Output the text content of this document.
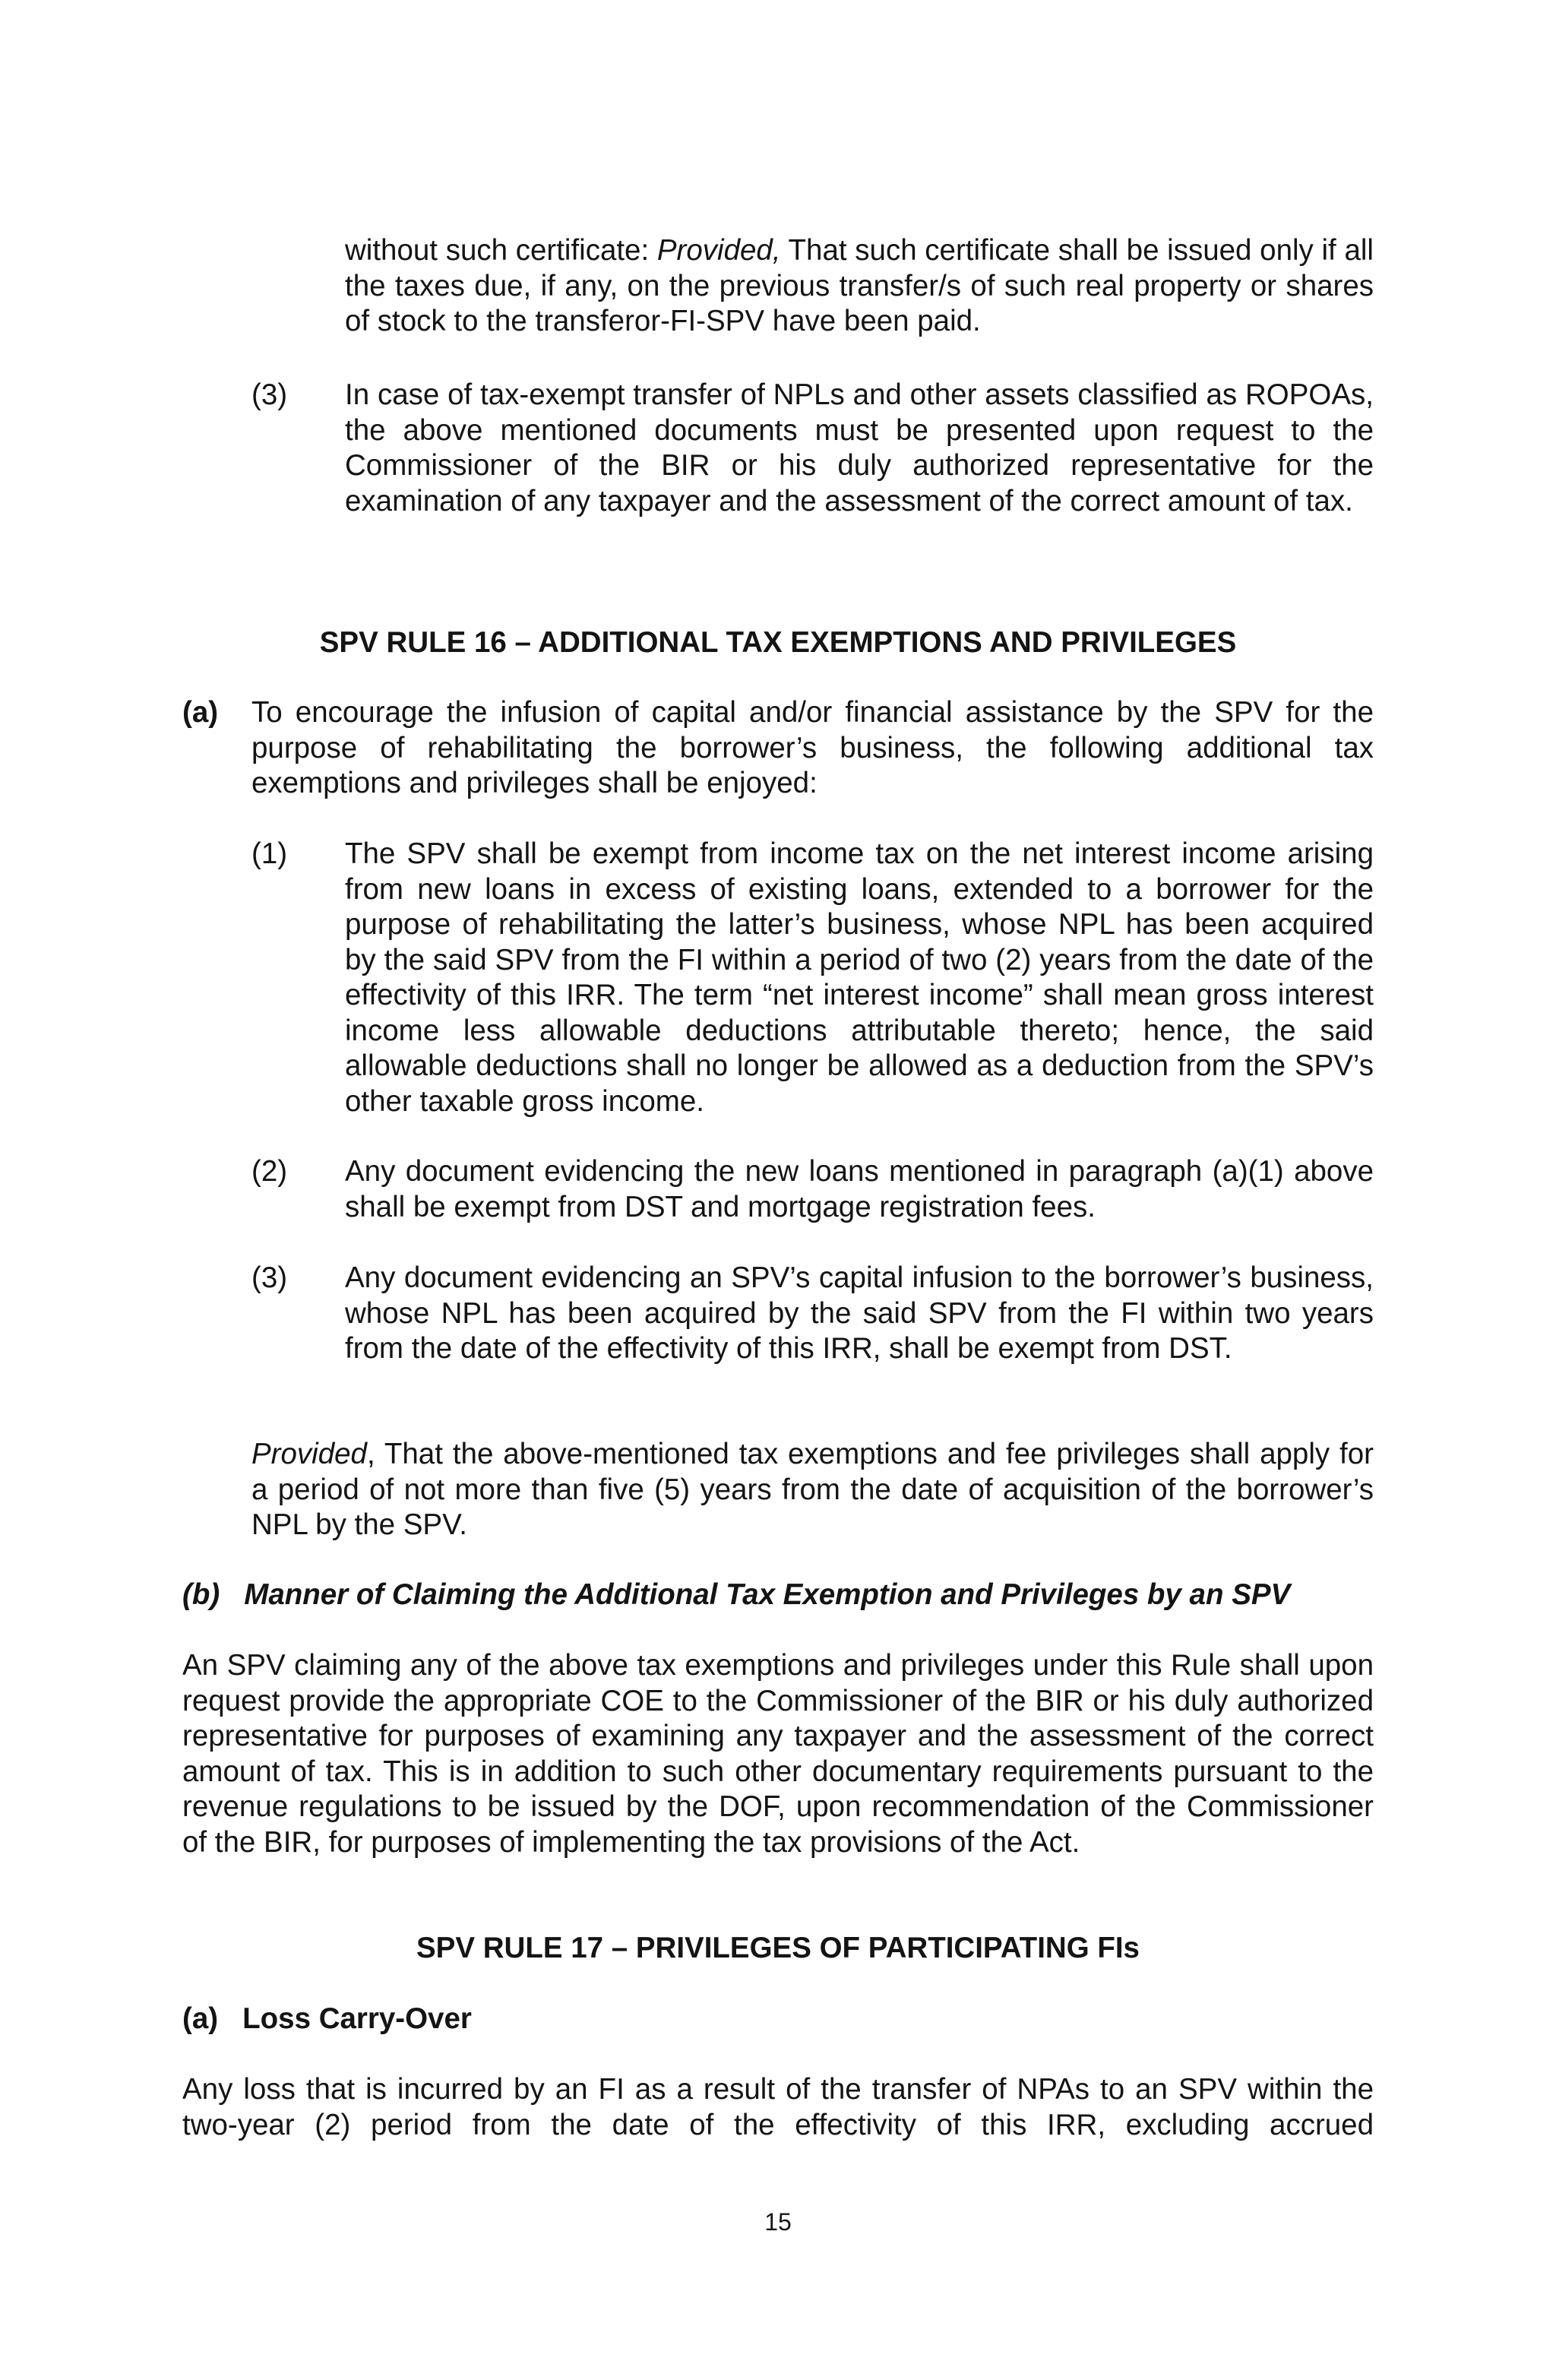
without such certificate: Provided, That such certificate shall be issued only if all the taxes due, if any, on the previous transfer/s of such real property or shares of stock to the transferor-FI-SPV have been paid.

(3) In case of tax-exempt transfer of NPLs and other assets classified as ROPOAs, the above mentioned documents must be presented upon request to the Commissioner of the BIR or his duly authorized representative for the examination of any taxpayer and the assessment of the correct amount of tax.

SPV RULE 16 – ADDITIONAL TAX EXEMPTIONS AND PRIVILEGES

(a) To encourage the infusion of capital and/or financial assistance by the SPV for the purpose of rehabilitating the borrower’s business, the following additional tax exemptions and privileges shall be enjoyed:

(1) The SPV shall be exempt from income tax on the net interest income arising from new loans in excess of existing loans, extended to a borrower for the purpose of rehabilitating the latter’s business, whose NPL has been acquired by the said SPV from the FI within a period of two (2) years from the date of the effectivity of this IRR. The term “net interest income” shall mean gross interest income less allowable deductions attributable thereto; hence, the said allowable deductions shall no longer be allowed as a deduction from the SPV’s other taxable gross income.

(2) Any document evidencing the new loans mentioned in paragraph (a)(1) above shall be exempt from DST and mortgage registration fees.

(3) Any document evidencing an SPV’s capital infusion to the borrower’s business, whose NPL has been acquired by the said SPV from the FI within two years from the date of the effectivity of this IRR, shall be exempt from DST.

Provided, That the above-mentioned tax exemptions and fee privileges shall apply for a period of not more than five (5) years from the date of acquisition of the borrower’s NPL by the SPV.

(b)   Manner of Claiming the Additional Tax Exemption and Privileges by an SPV

An SPV claiming any of the above tax exemptions and privileges under this Rule shall upon request provide the appropriate COE to the Commissioner of the BIR or his duly authorized representative for purposes of examining any taxpayer and the assessment of the correct amount of tax. This is in addition to such other documentary requirements pursuant to the revenue regulations to be issued by the DOF, upon recommendation of the Commissioner of the BIR, for purposes of implementing the tax provisions of the Act.

SPV RULE 17 – PRIVILEGES OF PARTICIPATING FIs

(a)   Loss Carry-Over

Any loss that is incurred by an FI as a result of the transfer of NPAs to an SPV within the two-year (2) period from the date of the effectivity of this IRR, excluding accrued

15
